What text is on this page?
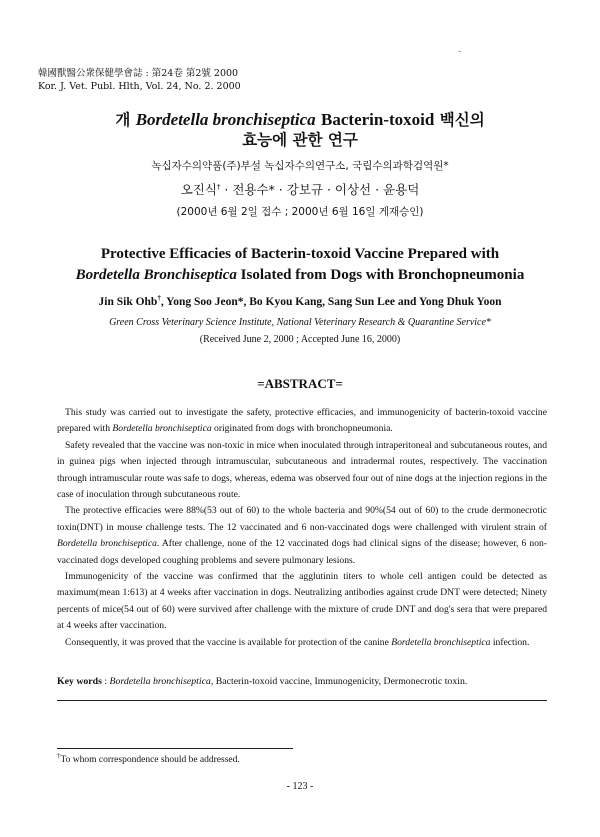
韓國獸醫公衆保健學會誌 : 第24卷 第2號 2000
Kor. J. Vet. Publ. Hlth, Vol. 24, No. 2. 2000
-
개 Bordetella bronchiseptica Bacterin-toxoid 백신의
효능에 관한 연구
녹십자수의약품(주)부설 녹십자수의연구소, 국립수의과학검역원*
오진식† · 전용수* · 강보규 · 이상선 · 윤용덕
(2000년 6월 2일 접수 ; 2000년 6월 16일 게재승인)
Protective Efficacies of Bacterin-toxoid Vaccine Prepared with
Bordetella Bronchiseptica Isolated from Dogs with Bronchopneumonia
Jin Sik Ohb†, Yong Soo Jeon*, Bo Kyou Kang, Sang Sun Lee and Yong Dhuk Yoon
Green Cross Veterinary Science Institute, National Veterinary Research & Quarantine Service*
(Received June 2, 2000 ; Accepted June 16, 2000)
=ABSTRACT=

This study was carried out to investigate the safety, protective efficacies, and immunogenicity of bacterin-toxoid vaccine prepared with Bordetella bronchiseptica originated from dogs with bronchopneumonia.

Safety revealed that the vaccine was non-toxic in mice when inoculated through intraperitoneal and subcutaneous routes, and in guinea pigs when injected through intramuscular, subcutaneous and intradermal routes, respectively. The vaccination through intramuscular route was safe to dogs, whereas, edema was observed four out of nine dogs at the injection regions in the case of inoculation through subcutaneous route.

The protective efficacies were 88%(53 out of 60) to the whole bacteria and 90%(54 out of 60) to the crude dermonecrotic toxin(DNT) in mouse challenge tests. The 12 vaccinated and 6 non-vaccinated dogs were challenged with virulent strain of Bordetella bronchiseptica. After challenge, none of the 12 vaccinated dogs had clinical signs of the disease; however, 6 non-vaccinated dogs developed coughing problems and severe pulmonary lesions.

Immunogenicity of the vaccine was confirmed that the agglutinin titers to whole cell antigen could be detected as maximum(mean 1:613) at 4 weeks after vaccination in dogs. Neutralizing antibodies against crude DNT were detected; Ninety percents of mice(54 out of 60) were survived after challenge with the mixture of crude DNT and dog's sera that were prepared at 4 weeks after vaccination.

Consequently, it was proved that the vaccine is available for protection of the canine Bordetella bronchiseptica infection.

Key words : Bordetella bronchiseptica, Bacterin-toxoid vaccine, Immunogenicity, Dermonecrotic toxin.
†To whom correspondence should be addressed.
- 123 -
